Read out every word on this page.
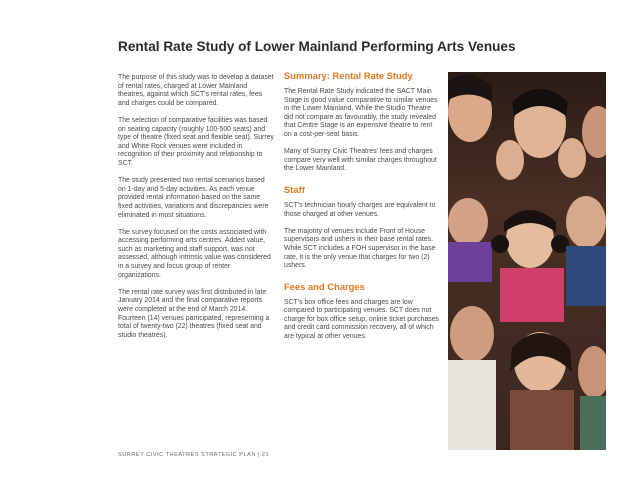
Rental Rate Study of Lower Mainland Performing Arts Venues

The purpose of this study was to develop a dataset of rental rates, charged at Lower Mainland theatres, against which SCT's rental rates, fees and charges could be compared.

The selection of comparative facilities was based on seating capacity (roughly 100-500 seats) and type of theatre (fixed seat and flexible seat). Surrey and White Rock venues were included in recognition of their proximity and relationship to SCT.

The study presented two rental scenarios based on 1-day and 5-day activities. As each venue provided rental information based on the same fixed activities, variations and discrepancies were eliminated in most situations.

The survey focused on the costs associated with accessing performing arts centres. Added value, such as marketing and staff support, was not assessed, although intrinsic value was considered in a survey and focus group of renter organizations.

The rental rate survey was first distributed in late January 2014 and the final comparative reports were completed at the end of March 2014. Fourteen (14) venues participated, representing a total of twenty-two (22) theatres (fixed seat and studio theatres).

Summary: Rental Rate Study

The Rental Rate Study indicated the SACT Main Stage is good value comparative to similar venues in the Lower Mainland. While the Studio Theatre did not compare as favourably, the study revealed that Centre Stage is an expensive theatre to rent on a cost-per-seat basis.

Many of Surrey Civic Theatres' fees and charges compare very well with similar charges throughout the Lower Mainland.

Staff

SCT's technician hourly charges are equivalent to those charged at other venues.

The majority of venues include Front of House supervisors and ushers in their base rental rates. While SCT includes a FOH supervisor in the base rate, it is the only venue that charges for two (2) ushers.

Fees and Charges

SCT's box office fees and charges are low compared to participating venues. SCT does not charge for box office setup, online ticket purchases and credit card commission recovery, all of which are typical at other venues.

SURREY CIVIC THEATRES STRATEGIC PLAN | 21
